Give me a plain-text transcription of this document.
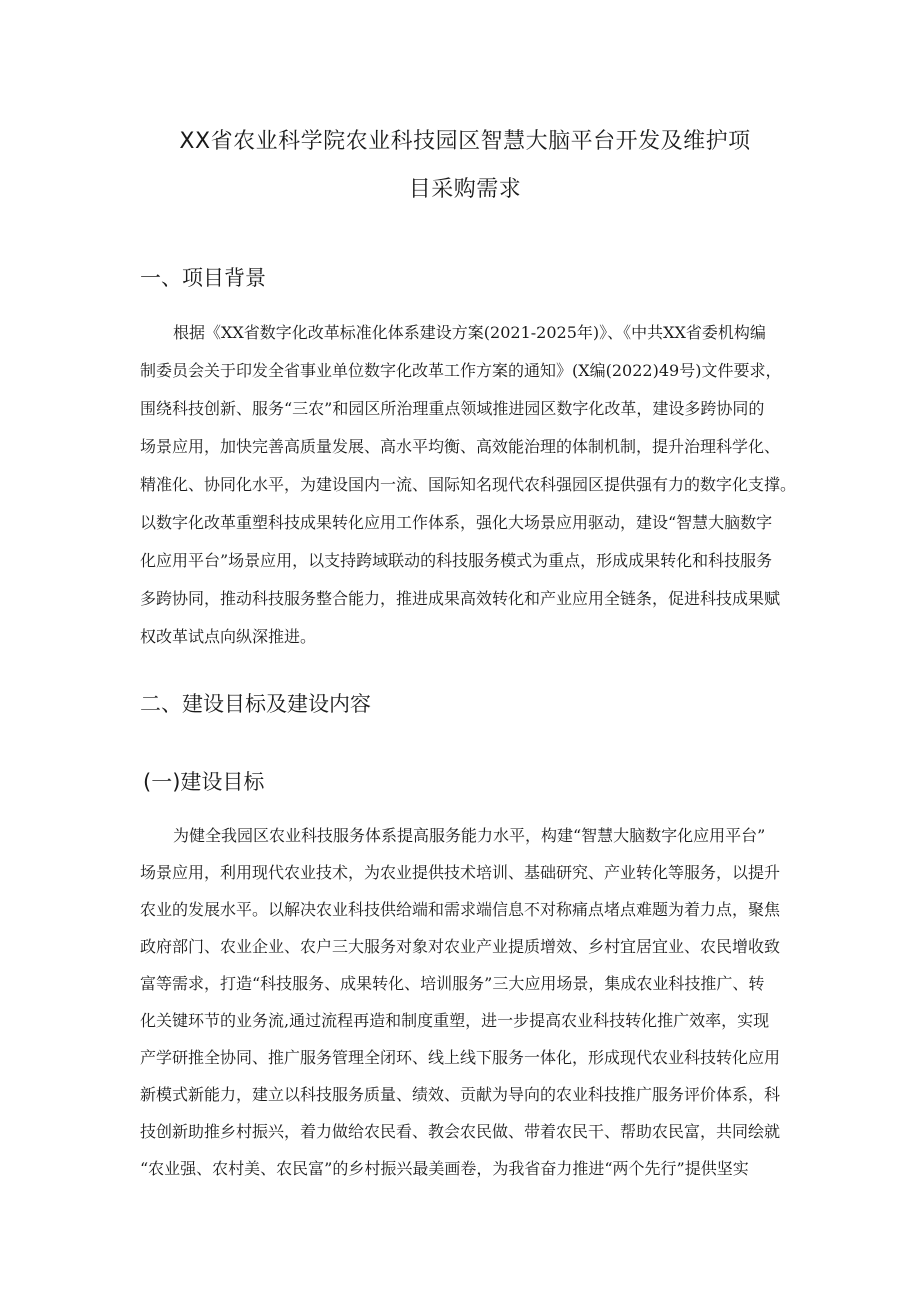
XX省农业科学院农业科技园区智慧大脑平台开发及维护项
目采购需求
一、项目背景
根据《XX省数字化改革标准化体系建设方案(2021-2025年)》、《中共XX省委机构编
制委员会关于印发全省事业单位数字化改革工作方案的通知》(X编(2022)49号)文件要求，
围绕科技创新、服务“三农”和园区所治理重点领域推进园区数字化改革，建设多跨协同的
场景应用，加快完善高质量发展、高水平均衡、高效能治理的体制机制，提升治理科学化、
精准化、协同化水平，为建设国内一流、国际知名现代农科强园区提供强有力的数字化支撑。
以数字化改革重塑科技成果转化应用工作体系，强化大场景应用驱动，建设“智慧大脑数字
化应用平台”场景应用，以支持跨域联动的科技服务模式为重点，形成成果转化和科技服务
多跨协同，推动科技服务整合能力，推进成果高效转化和产业应用全链条，促进科技成果赋
权改革试点向纵深推进。
二、建设目标及建设内容
(一)建设目标
为健全我园区农业科技服务体系提高服务能力水平，构建“智慧大脑数字化应用平台”
场景应用，利用现代农业技术，为农业提供技术培训、基础研究、产业转化等服务，以提升
农业的发展水平。以解决农业科技供给端和需求端信息不对称痛点堵点难题为着力点，聚焦
政府部门、农业企业、农户三大服务对象对农业产业提质增效、乡村宜居宜业、农民增收致
富等需求，打造“科技服务、成果转化、培训服务”三大应用场景，集成农业科技推广、转
化关键环节的业务流,通过流程再造和制度重塑，进一步提高农业科技转化推广效率，实现
产学研推全协同、推广服务管理全闭环、线上线下服务一体化，形成现代农业科技转化应用
新模式新能力，建立以科技服务质量、绩效、贡献为导向的农业科技推广服务评价体系，科
技创新助推乡村振兴，着力做给农民看、教会农民做、带着农民干、帮助农民富，共同绘就
“农业强、农村美、农民富”的乡村振兴最美画卷，为我省奋力推进“两个先行”提供坚实
